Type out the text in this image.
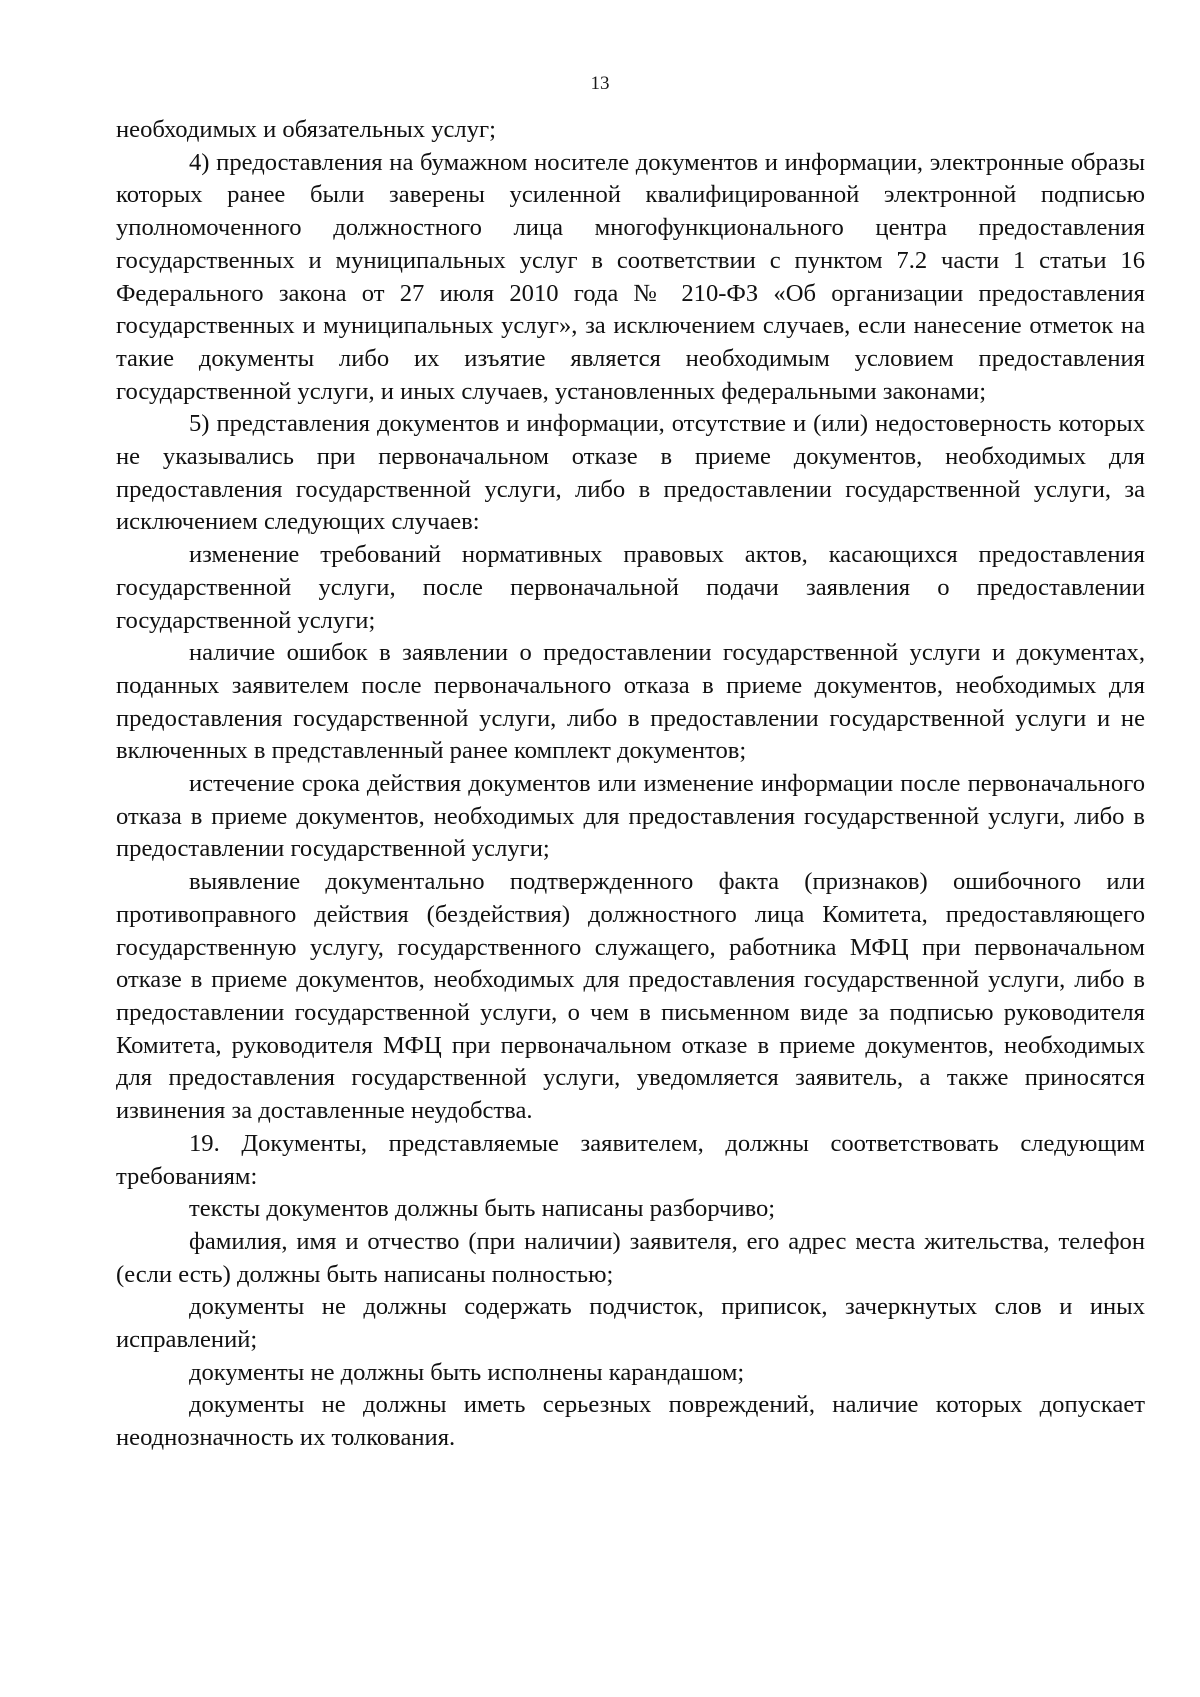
13

необходимых и обязательных услуг;

4) предоставления на бумажном носителе документов и информации, электронные образы которых ранее были заверены усиленной квалифицированной электронной подписью уполномоченного должностного лица многофункционального центра предоставления государственных и муниципальных услуг в соответствии с пунктом 7.2 части 1 статьи 16 Федерального закона от 27 июля 2010 года № 210-ФЗ «Об организации предоставления государственных и муниципальных услуг», за исключением случаев, если нанесение отметок на такие документы либо их изъятие является необходимым условием предоставления государственной услуги, и иных случаев, установленных федеральными законами;

5) представления документов и информации, отсутствие и (или) недостоверность которых не указывались при первоначальном отказе в приеме документов, необходимых для предоставления государственной услуги, либо в предоставлении государственной услуги, за исключением следующих случаев:

изменение требований нормативных правовых актов, касающихся предоставления государственной услуги, после первоначальной подачи заявления о предоставлении государственной услуги;

наличие ошибок в заявлении о предоставлении государственной услуги и документах, поданных заявителем после первоначального отказа в приеме документов, необходимых для предоставления государственной услуги, либо в предоставлении государственной услуги и не включенных в представленный ранее комплект документов;

истечение срока действия документов или изменение информации после первоначального отказа в приеме документов, необходимых для предоставления государственной услуги, либо в предоставлении государственной услуги;

выявление документально подтвержденного факта (признаков) ошибочного или противоправного действия (бездействия) должностного лица Комитета, предоставляющего государственную услугу, государственного служащего, работника МФЦ при первоначальном отказе в приеме документов, необходимых для предоставления государственной услуги, либо в предоставлении государственной услуги, о чем в письменном виде за подписью руководителя Комитета, руководителя МФЦ при первоначальном отказе в приеме документов, необходимых для предоставления государственной услуги, уведомляется заявитель, а также приносятся извинения за доставленные неудобства.

19. Документы, представляемые заявителем, должны соответствовать следующим требованиям:

тексты документов должны быть написаны разборчиво;

фамилия, имя и отчество (при наличии) заявителя, его адрес места жительства, телефон (если есть) должны быть написаны полностью;

документы не должны содержать подчисток, приписок, зачеркнутых слов и иных исправлений;

документы не должны быть исполнены карандашом;

документы не должны иметь серьезных повреждений, наличие которых допускает неоднозначность их толкования.
